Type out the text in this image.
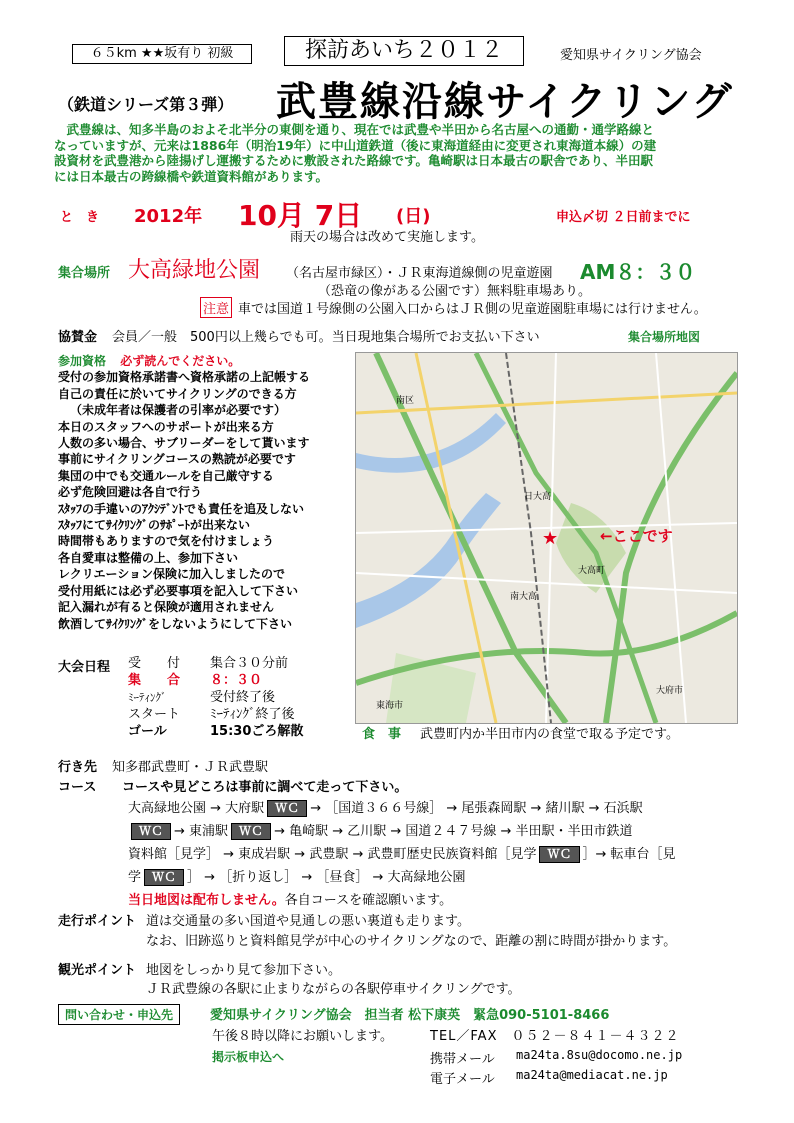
６５km ★★坂有り 初級	探訪あいち２０１２	愛知県サイクリング協会
（鉄道シリーズ第３弾） 武豊線沿線サイクリング
　武豊線は、知多半島のおよそ北半分の東側を通り、現在では武豊や半田から名古屋への通勤・通学路線と
なっていますが、元来は1886年（明治19年）に中山道鉄道（後に東海道経由に変更され東海道本線）の建
設資材を武豊港から陸揚げし運搬するために敷設された路線です。亀崎駅は日本最古の駅舎であり、半田駅
には日本最古の跨線橋や鉄道資料館があります。
と　き 2012年 10月 7日 (日)	申込〆切 ２日前までに
雨天の場合は改めて実施します。
集合場所 大高緑地公園 （名古屋市緑区）・ＪＲ東海道線側の児童遊園 AM８：３０
（恐竜の像がある公園です）無料駐車場あり。
注意 車では国道１号線側の公園入口からはＪＲ側の児童遊園駐車場には行けません。
協賛金 会員／一般　500円以上幾らでも可。当日現地集合場所でお支払い下さい	集合場所地図
参加資格 必ず読んでください。
受付の参加資格承諾書へ資格承諾の上記帳する
自己の責任に於いてサイクリングのできる方
（未成年者は保護者の引率が必要です）
本日のスタッフへのサポートが出来る方
人数の多い場合、サブリーダーをして貰います
事前にサイクリングコースの熟読が必要です
集団の中でも交通ルールを自己厳守する
必ず危険回避は各自で行う
ｽﾀｯﾌの手違いのｱｸｼﾃﾞﾝﾄでも責任を追及しない
ｽﾀｯﾌにてｻｲｸﾘﾝｸﾞのｻﾎﾟｰﾄが出来ない
時間帯もありますので気を付けましょう
各自愛車は整備の上、参加下さい
レクリエーション保険に加入しましたので
受付用紙には必ず必要事項を記入して下さい
記入漏れが有ると保険が適用されません
飲酒してｻｲｸﾘﾝｸﾞをしないようにして下さい
★	←ここです
大高町
日大高
南大高
大府市
南区
東海市
大会日程 受　　付 集合３０分前
集　　合 ８：３０
ﾐｰﾃｨﾝｸﾞ	受付終了後
スタート ﾐｰﾃｨﾝｸﾞ終了後
ゴール	15:30ごろ解散	食　事 武豊町内か半田市内の食堂で取る予定です。
行き先 知多郡武豊町・ＪＲ武豊駅
コース コースや見どころは事前に調べて走って下さい。
大高緑地公園 → 大府駅 ＷＣ → ［国道３６６号線］ → 尾張森岡駅 → 緒川駅 → 石浜駅
ＷＣ → 東浦駅 ＷＣ → 亀崎駅 → 乙川駅 → 国道２４７号線 → 半田駅・半田市鉄道
資料館［見学］ → 東成岩駅 → 武豊駅 → 武豊町歴史民族資料館［見学 ＷＣ ］→ 転車台［見
学 ＷＣ ］ → ［折り返し］ → ［昼食］ → 大高緑地公園
当日地図は配布しません。各自コースを確認願います。
走行ポイント 道は交通量の多い国道や見通しの悪い裏道も走ります。
なお、旧跡巡りと資料館見学が中心のサイクリングなので、距離の割に時間が掛かります。
観光ポイント 地図をしっかり見て参加下さい。
ＪＲ武豊線の各駅に止まりながらの各駅停車サイクリングです。
問い合わせ・申込先	愛知県サイクリング協会　担当者 松下康英　緊急090-5101-8466
午後８時以降にお願いします。	TEL／FAX　０５２－８４１－４３２２
掲示板申込へ	携帯メール ma24ta.8su@docomo.ne.jp
電子メール ma24ta@mediacat.ne.jp
